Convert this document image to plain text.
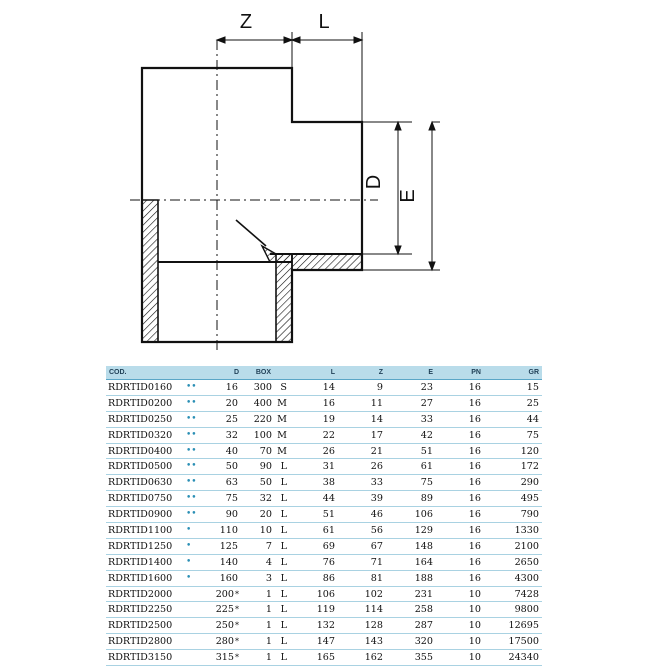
Z	L
D
E
COD.		D	BOX		L	Z	E	PN	GR
RDRTID0160	••	16	300	S	14	9	23	16	15
RDRTID0200	••	20	400	M	16	11	27	16	25
RDRTID0250	••	25	220	M	19	14	33	16	44
RDRTID0320	••	32	100	M	22	17	42	16	75
RDRTID0400	••	40	70	M	26	21	51	16	120
RDRTID0500	••	50	90	L	31	26	61	16	172
RDRTID0630	••	63	50	L	38	33	75	16	290
RDRTID0750	••	75	32	L	44	39	89	16	495
RDRTID0900	••	90	20	L	51	46	106	16	790
RDRTID1100	•	110	10	L	61	56	129	16	1330
RDRTID1250	•	125	7	L	69	67	148	16	2100
RDRTID1400	•	140	4	L	76	71	164	16	2650
RDRTID1600	•	160	3	L	86	81	188	16	4300
RDRTID2000		200*	1	L	106	102	231	10	7428
RDRTID2250		225*	1	L	119	114	258	10	9800
RDRTID2500		250*	1	L	132	128	287	10	12695
RDRTID2800		280*	1	L	147	143	320	10	17500
RDRTID3150		315*	1	L	165	162	355	10	24340
